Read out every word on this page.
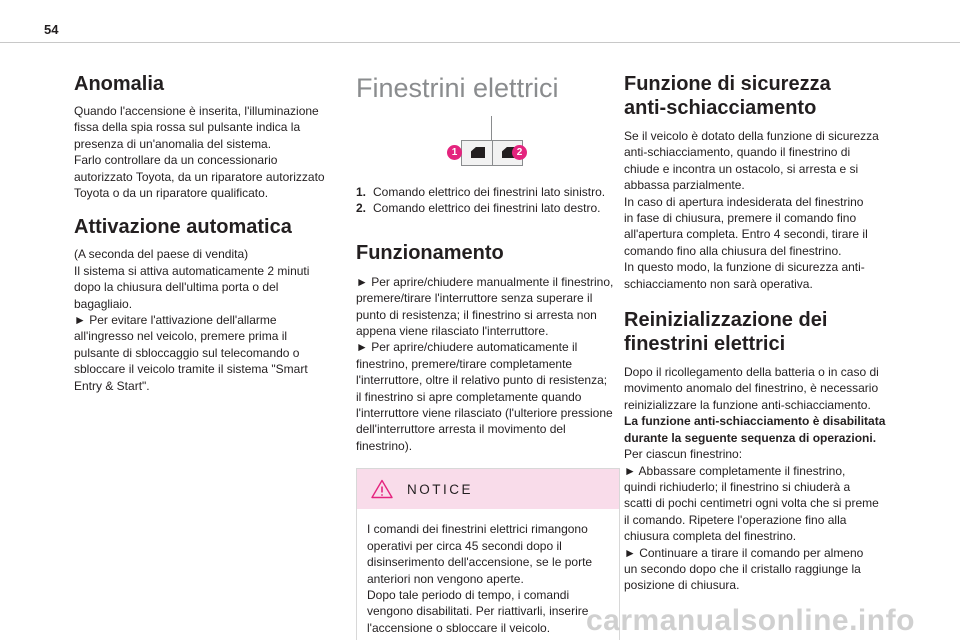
54
Anomalia
Quando l'accensione è inserita, l'illuminazione
fissa della spia rossa sul pulsante indica la
presenza di un'anomalia del sistema.
Farlo controllare da un concessionario
autorizzato Toyota, da un riparatore autorizzato
Toyota o da un riparatore qualificato.
Attivazione automatica
(A seconda del paese di vendita)
Il sistema si attiva automaticamente 2 minuti
dopo la chiusura dell'ultima porta o del
bagagliaio.
► Per evitare l'attivazione dell'allarme
all'ingresso nel veicolo, premere prima il
pulsante di sbloccaggio sul telecomando o
sbloccare il veicolo tramite il sistema "Smart
Entry & Start".
Finestrini elettrici
1	2
1. Comando elettrico dei finestrini lato sinistro.
2. Comando elettrico dei finestrini lato destro.
Funzionamento
► Per aprire/chiudere manualmente il finestrino,
premere/tirare l'interruttore senza superare il
punto di resistenza; il finestrino si arresta non
appena viene rilasciato l'interruttore.
► Per aprire/chiudere automaticamente il
finestrino, premere/tirare completamente
l'interruttore, oltre il relativo punto di resistenza;
il finestrino si apre completamente quando
l'interruttore viene rilasciato (l'ulteriore pressione
dell'interruttore arresta il movimento del
finestrino).
NOTICE
I comandi dei finestrini elettrici rimangono
operativi per circa 45 secondi dopo il
disinserimento dell'accensione, se le porte
anteriori non vengono aperte.
Dopo tale periodo di tempo, i comandi
vengono disabilitati. Per riattivarli, inserire
l'accensione o sbloccare il veicolo.
Funzione di sicurezza
anti-schiacciamento
Se il veicolo è dotato della funzione di sicurezza
anti-schiacciamento, quando il finestrino di
chiude e incontra un ostacolo, si arresta e si
abbassa parzialmente.
In caso di apertura indesiderata del finestrino
in fase di chiusura, premere il comando fino
all'apertura completa. Entro 4 secondi, tirare il
comando fino alla chiusura del finestrino.
In questo modo, la funzione di sicurezza anti-
schiacciamento non sarà operativa.
Reinizializzazione dei
finestrini elettrici
Dopo il ricollegamento della batteria o in caso di
movimento anomalo del finestrino, è necessario
reinizializzare la funzione anti-schiacciamento.
La funzione anti-schiacciamento è disabilitata
durante la seguente sequenza di operazioni.
Per ciascun finestrino:
► Abbassare completamente il finestrino,
quindi richiuderlo; il finestrino si chiuderà a
scatti di pochi centimetri ogni volta che si preme
il comando. Ripetere l'operazione fino alla
chiusura completa del finestrino.
► Continuare a tirare il comando per almeno
un secondo dopo che il cristallo raggiunge la
posizione di chiusura.
carmanualsonline.info
